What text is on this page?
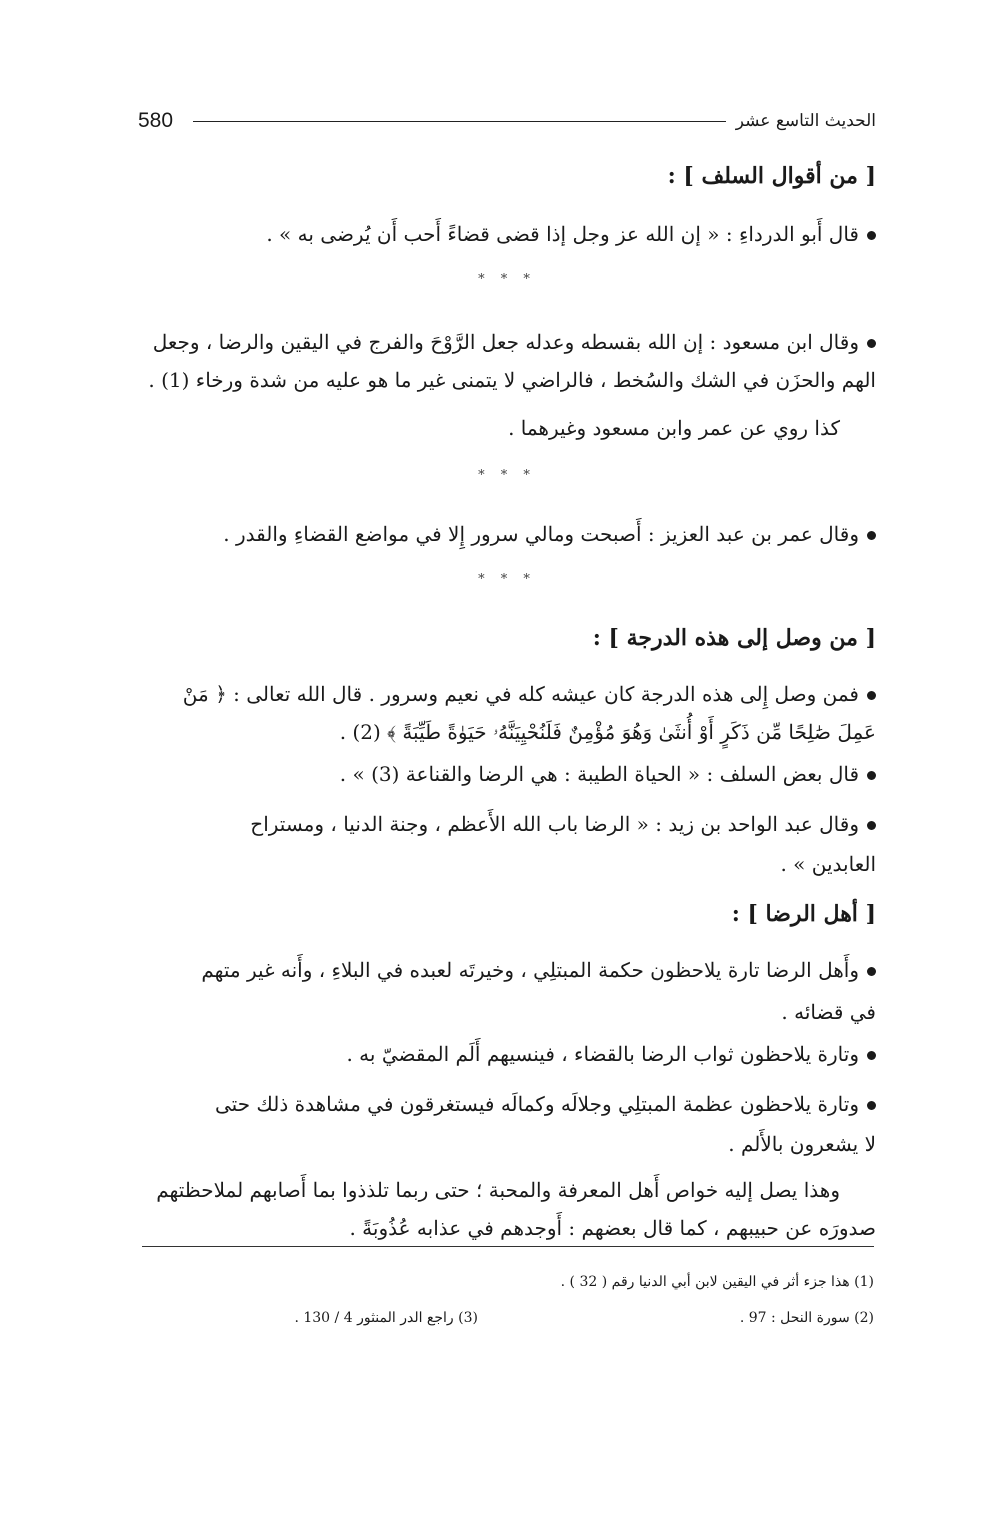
580	الحديث التاسع عشر
[ من أقوال السلف ] :
قال أَبو الدرداءِ : « إن الله عز وجل إذا قضى قضاءً أَحب أَن يُرضى به » .
* * *
وقال ابن مسعود : إن الله بقسطه وعدله جعل الرَّوْحَ والفرج في اليقين والرضا ، وجعل
الهم والحزَن في الشك والسُخط ، فالراضي لا يتمنى غير ما هو عليه من شدة ورخاء (1) .
كذا روي عن عمر وابن مسعود وغيرهما .
* * *
وقال عمر بن عبد العزيز : أَصبحت ومالي سرور إِلا في مواضع القضاءِ والقدر .
* * *
[ من وصل إلى هذه الدرجة ] :
فمن وصل إِلى هذه الدرجة كان عيشه كله في نعيم وسرور . قال الله تعالى : ﴿ مَنْ
عَمِلَ صَٰلِحًا مِّن ذَكَرٍ أَوْ أُنثَىٰ وَهُوَ مُؤْمِنٌ فَلَنُحْيِيَنَّهُۥ حَيَوٰةً طَيِّبَةً ﴾ (2) .
قال بعض السلف : « الحياة الطيبة : هي الرضا والقناعة (3) » .
وقال عبد الواحد بن زيد : « الرضا باب الله الأَعظم ، وجنة الدنيا ، ومستراح
العابدين » .
[ أهل الرضا ] :
وأَهل الرضا تارة يلاحظون حكمة المبتلِي ، وخيرتَه لعبده في البلاءِ ، وأَنه غير متهم
في قضائه .
وتارة يلاحظون ثواب الرضا بالقضاء ، فينسيهم أَلَم المقضيّ به .
وتارة يلاحظون عظمة المبتلِي وجلالَه وكمالَه فيستغرقون في مشاهدة ذلك حتى
لا يشعرون بالأَلم .
وهذا يصل إليه خواص أَهل المعرفة والمحبة ؛ حتى ربما تلذذوا بما أَصابهم لملاحظتهم
صدورَه عن حبيبهم ، كما قال بعضهم : أَوجدهم في عذابه عُذُوبَةً .
(1) هذا جزء أثر في اليقين لابن أبي الدنيا رقم ( 32 ) .
(2) سورة النحل : 97 .
(3) راجع الدر المنثور 4 / 130 .
